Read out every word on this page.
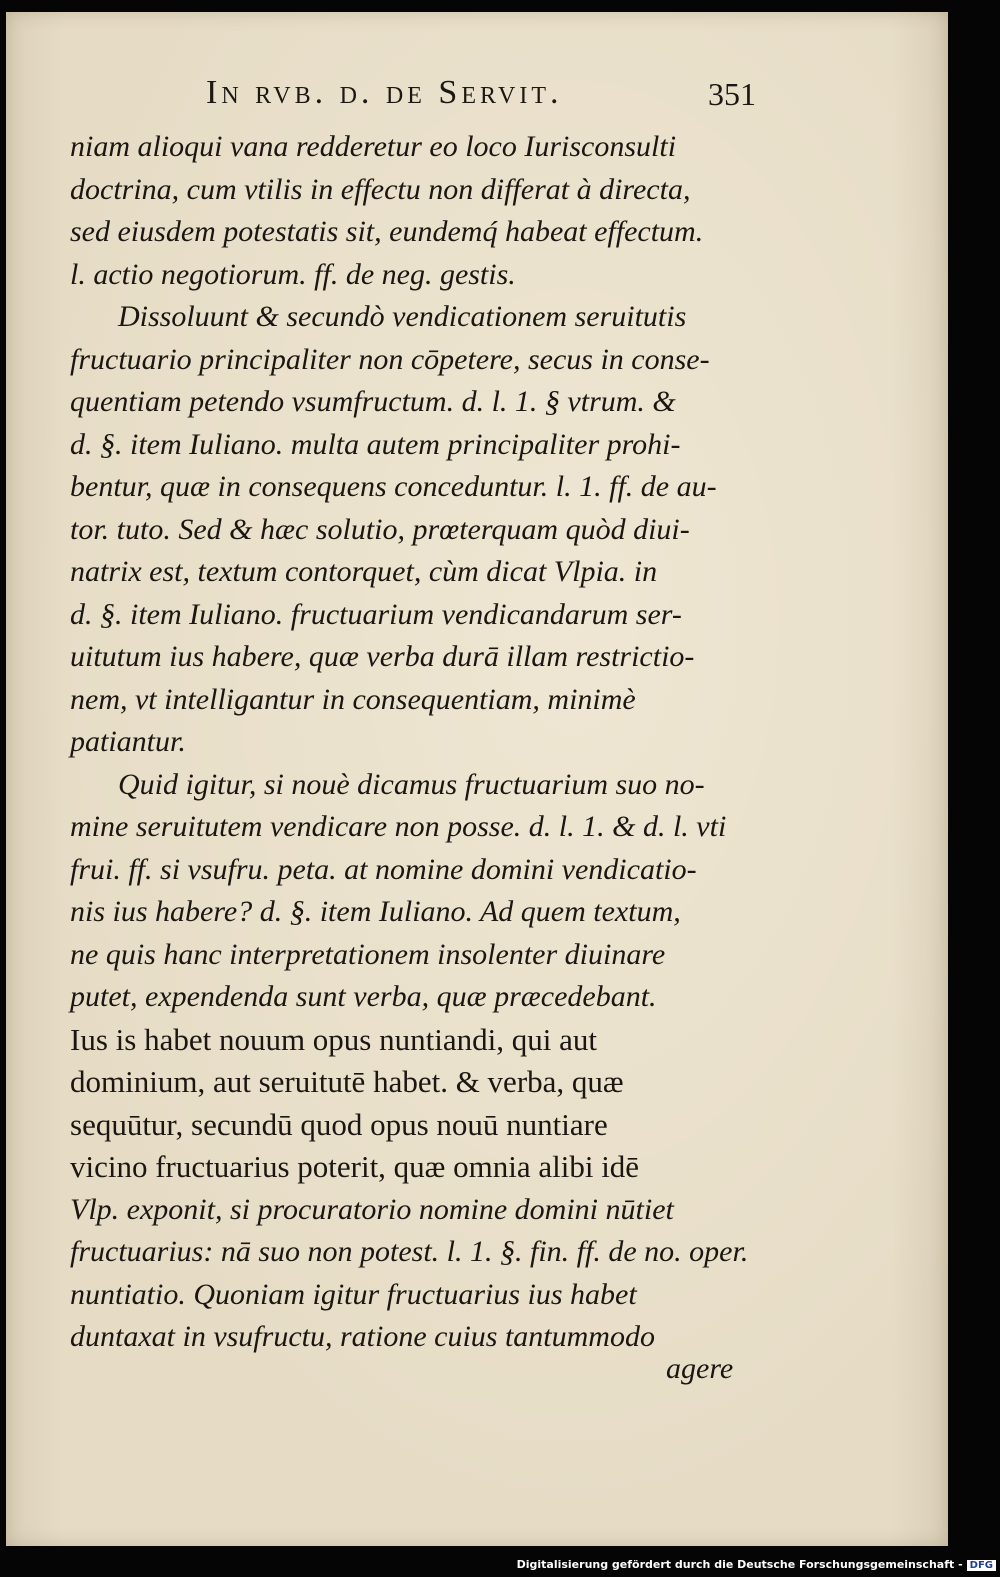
In rvb. d. de Servit.	351
niam alioqui vana redderetur eo loco Iurisconsulti
doctrina, cum vtilis in effectu non differat à directa,
sed eiusdem potestatis sit, eundemq́ habeat effectum.
l. actio negotiorum. ff. de neg. gestis.
Dissoluunt & secundò vendicationem seruitutis
fructuario principaliter non cōpetere, secus in conse-
quentiam petendo vsumfructum. d. l. 1. § vtrum. &
d. §. item Iuliano. multa autem principaliter prohi-
bentur, quæ in consequens conceduntur. l. 1. ff. de au-
tor. tuto. Sed & hæc solutio, prœterquam quòd diui-
natrix est, textum contorquet, cùm dicat Vlpia. in
d. §. item Iuliano. fructuarium vendicandarum ser-
uitutum ius habere, quæ verba durā illam restrictio-
nem, vt intelligantur in consequentiam, minimè
patiantur.
Quid igitur, si nouè dicamus fructuarium suo no-
mine seruitutem vendicare non posse. d. l. 1. & d. l. vti
frui. ff. si vsufru. peta. at nomine domini vendicatio-
nis ius habere? d. §. item Iuliano. Ad quem textum,
ne quis hanc interpretationem insolenter diuinare
putet, expendenda sunt verba, quæ præcedebant.
Ius is habet nouum opus nuntiandi, qui aut
dominium, aut seruitutē habet. & verba, quæ
sequūtur, secundū quod opus nouū nuntiare
vicino fructuarius poterit, quæ omnia alibi idē
Vlp. exponit, si procuratorio nomine domini nūtiet
fructuarius: nā suo non potest. l. 1. §. fin. ff. de no. oper.
nuntiatio. Quoniam igitur fructuarius ius habet
duntaxat in vsufructu, ratione cuius tantummodo
agere
Digitalisierung gefördert durch die Deutsche Forschungsgemeinschaft - DFG
